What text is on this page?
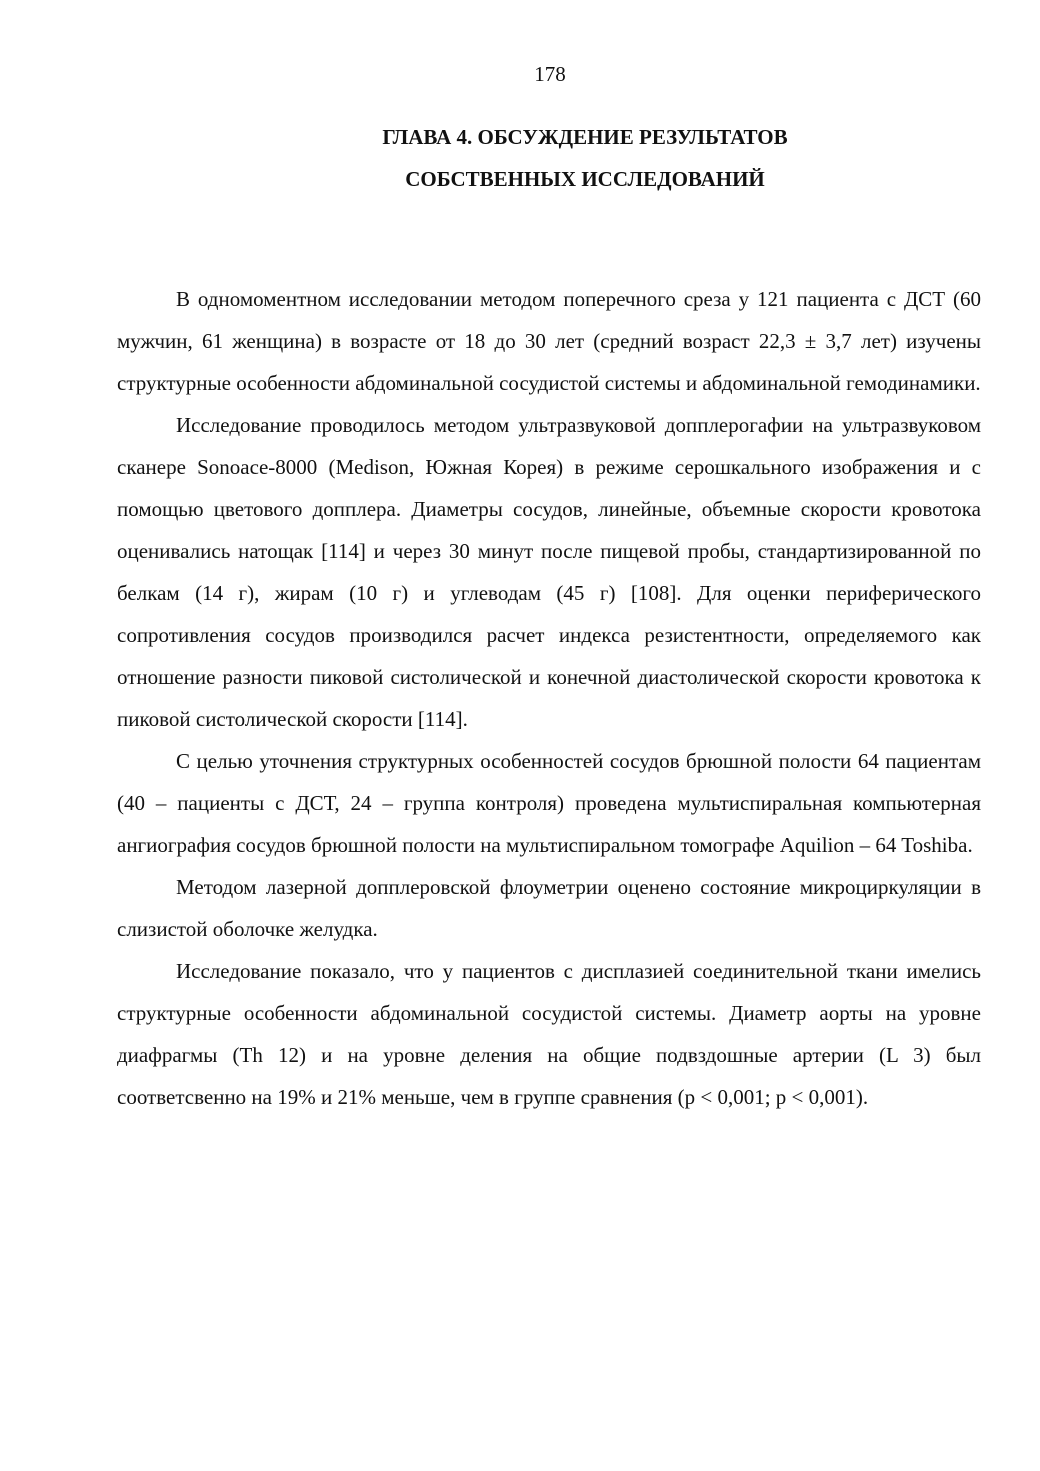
178
ГЛАВА 4. ОБСУЖДЕНИЕ РЕЗУЛЬТАТОВ
СОБСТВЕННЫХ ИССЛЕДОВАНИЙ

В одномоментном исследовании методом поперечного среза у 121 пациента с ДСТ (60 мужчин, 61 женщина) в возрасте от 18 до 30 лет (средний возраст 22,3 ± 3,7 лет) изучены структурные особенности абдоминальной сосудистой системы и абдоминальной гемодинамики.

Исследование проводилось методом ультразвуковой допплерогафии на ультразвуковом сканере Sonoace-8000 (Medison, Южная Корея) в режиме серошкального изображения и с помощью цветового допплера. Диаметры сосудов, линейные, объемные скорости кровотока оценивались натощак [114] и через 30 минут после пищевой пробы, стандартизированной по белкам (14 г), жирам (10 г) и углеводам (45 г) [108]. Для оценки периферического сопротивления сосудов производился расчет индекса резистентности, определяемого как отношение разности пиковой систолической и конечной диастолической скорости кровотока к пиковой систолической скорости [114].

С целью уточнения структурных особенностей сосудов брюшной полости 64 пациентам (40 – пациенты с ДСТ, 24 – группа контроля) проведена мультиспиральная компьютерная ангиография сосудов брюшной полости на мультиспиральном томографе Aquilion – 64 Toshiba.

Методом лазерной допплеровской флоуметрии оценено состояние микроциркуляции в слизистой оболочке желудка.

Исследование показало, что у пациентов с дисплазией соединительной ткани имелись структурные особенности абдоминальной сосудистой системы. Диаметр аорты на уровне диафрагмы (Th 12) и на уровне деления на общие подвздошные артерии (L 3) был соответсвенно на 19% и 21% меньше, чем в группе сравнения (р < 0,001; р < 0,001).
